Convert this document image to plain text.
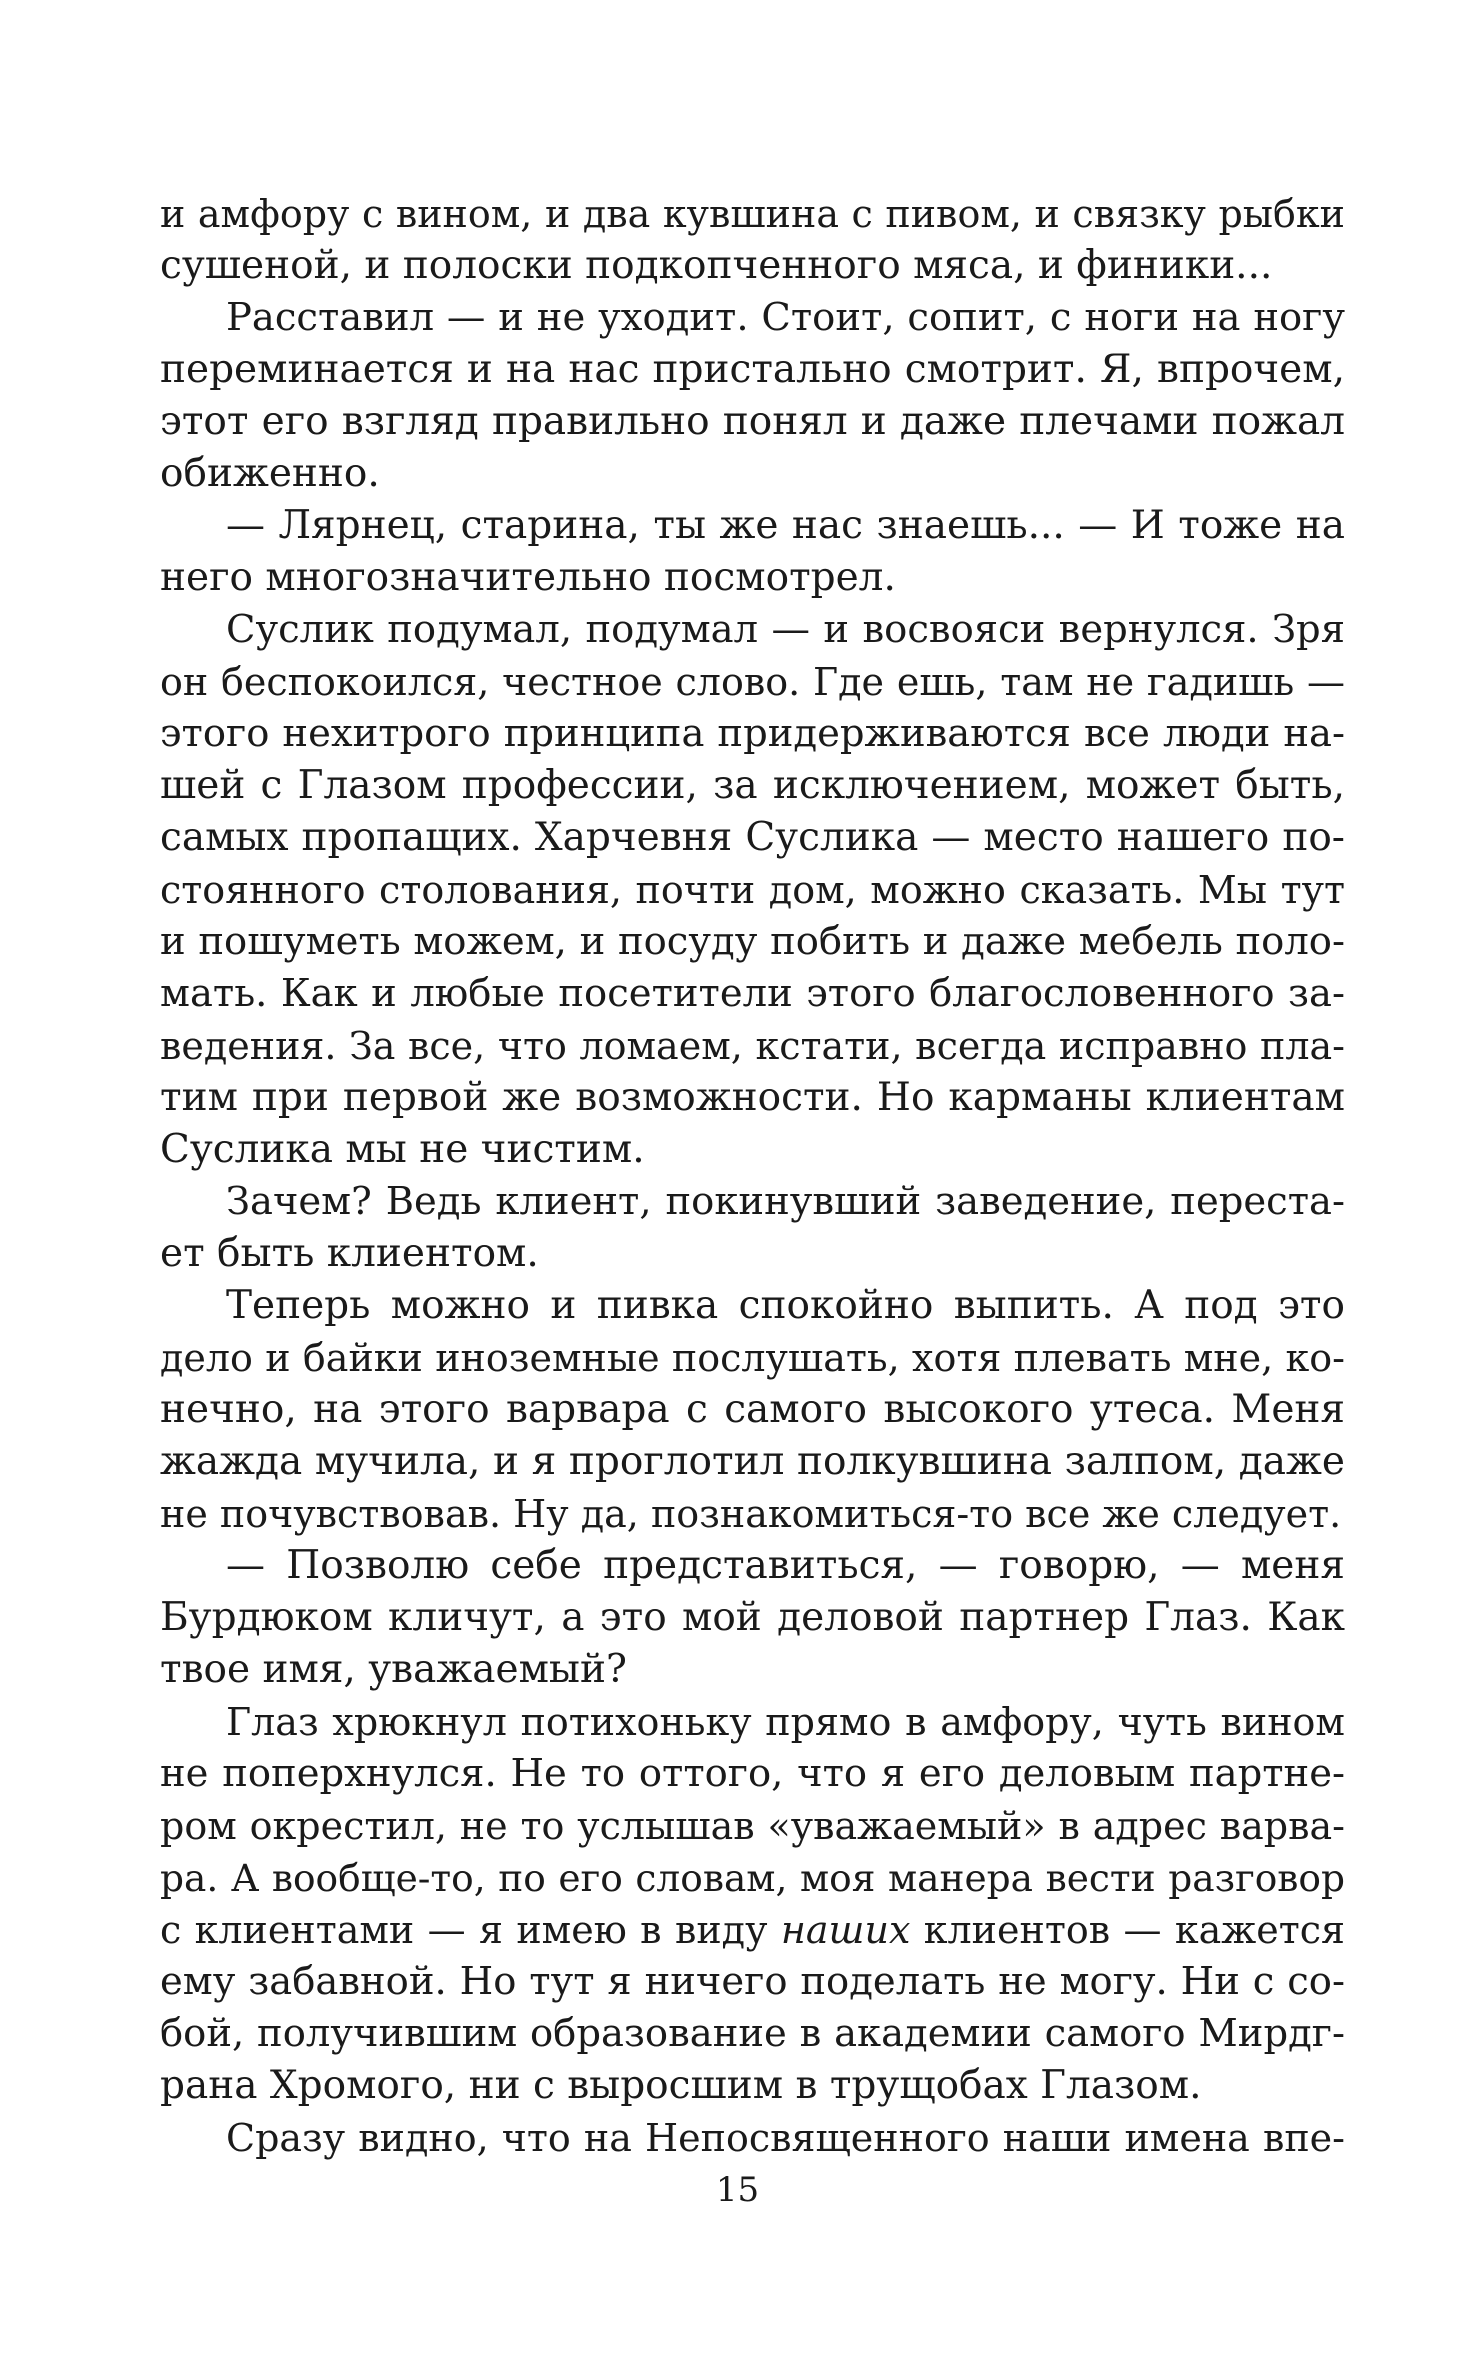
и амфору с вином, и два кувшина с пивом, и связку рыбки
сушеной, и полоски подкопченного мяса, и финики...
Расставил — и не уходит. Стоит, сопит, с ноги на ногу
переминается и на нас пристально смотрит. Я, впрочем,
этот его взгляд правильно понял и даже плечами пожал
обиженно.
— Лярнец, старина, ты же нас знаешь... — И тоже на
него многозначительно посмотрел.
Суслик подумал, подумал — и восвояси вернулся. Зря
он беспокоился, честное слово. Где ешь, там не гадишь —
этого нехитрого принципа придерживаются все люди на-
шей с Глазом профессии, за исключением, может быть,
самых пропащих. Харчевня Суслика — место нашего по-
стоянного столования, почти дом, можно сказать. Мы тут
и пошуметь можем, и посуду побить и даже мебель поло-
мать. Как и любые посетители этого благословенного за-
ведения. За все, что ломаем, кстати, всегда исправно пла-
тим при первой же возможности. Но карманы клиентам
Суслика мы не чистим.
Зачем? Ведь клиент, покинувший заведение, переста-
ет быть клиентом.
Теперь можно и пивка спокойно выпить. А под это
дело и байки иноземные послушать, хотя плевать мне, ко-
нечно, на этого варвара с самого высокого утеса. Меня
жажда мучила, и я проглотил полкувшина залпом, даже
не почувствовав. Ну да, познакомиться-то все же следует.
— Позволю себе представиться, — говорю, — меня
Бурдюком кличут, а это мой деловой партнер Глаз. Как
твое имя, уважаемый?
Глаз хрюкнул потихоньку прямо в амфору, чуть вином
не поперхнулся. Не то оттого, что я его деловым партне-
ром окрестил, не то услышав «уважаемый» в адрес варва-
ра. А вообще-то, по его словам, моя манера вести разговор
с клиентами — я имею в виду наших клиентов — кажется
ему забавной. Но тут я ничего поделать не могу. Ни с со-
бой, получившим образование в академии самого Мирдг-
рана Хромого, ни с выросшим в трущобах Глазом.
Сразу видно, что на Непосвященного наши имена впе-
15
